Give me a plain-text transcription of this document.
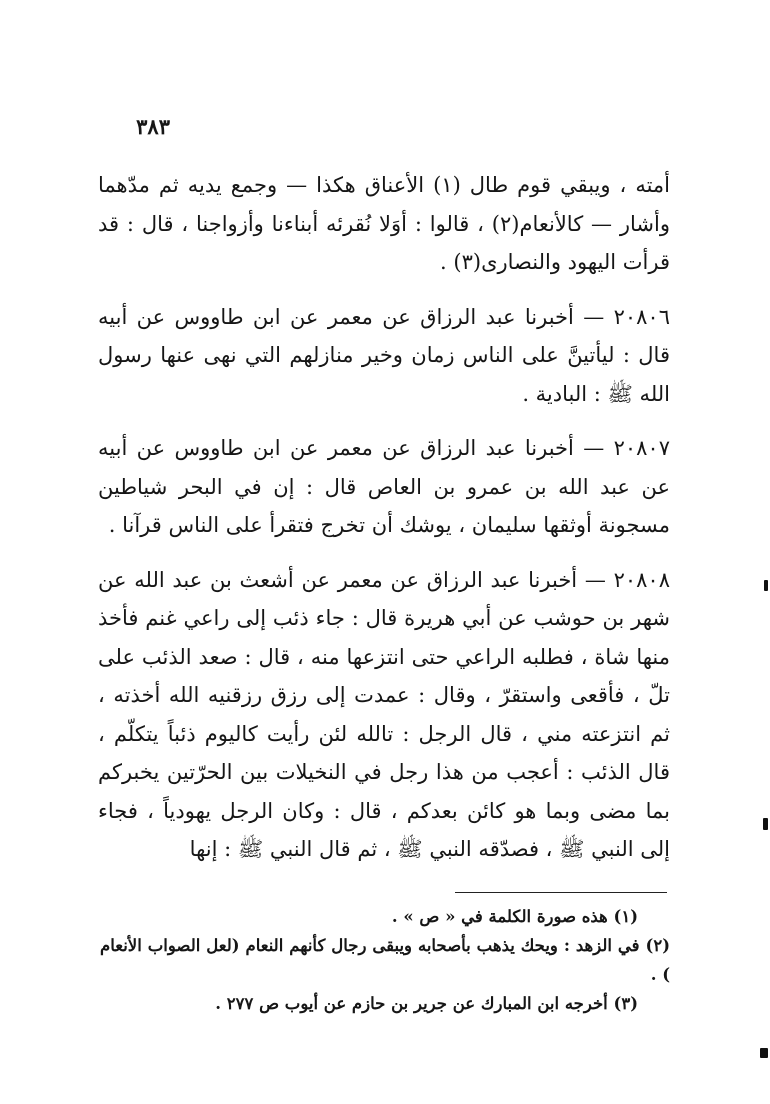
٣٨٣

أمته ، ويبقي قوم طال (١) الأعناق هكذا — وجمع يديه ثم مدّهما وأشار — كالأنعام(٢) ، قالوا : أوَلا نُقرئه أبناءنا وأزواجنا ، قال : قد قرأت اليهود والنصارى(٣) .

٢٠٨٠٦ — أخبرنا عبد الرزاق عن معمر عن ابن طاووس عن أبيه قال : ليأتينَّ على الناس زمان وخير منازلهم التي نهى عنها رسول الله ﷺ : البادية .

٢٠٨٠٧ — أخبرنا عبد الرزاق عن معمر عن ابن طاووس عن أبيه عن عبد الله بن عمرو بن العاص قال : إن في البحر شياطين مسجونة أوثقها سليمان ، يوشك أن تخرج فتقرأ على الناس قرآنا .

٢٠٨٠٨ — أخبرنا عبد الرزاق عن معمر عن أشعث بن عبد الله عن شهر بن حوشب عن أبي هريرة قال : جاء ذئب إلى راعي غنم فأخذ منها شاة ، فطلبه الراعي حتى انتزعها منه ، قال : صعد الذئب على تلّ ، فأقعى واستقرّ ، وقال : عمدت إلى رزق رزقنيه الله أخذته ، ثم انتزعته مني ، قال الرجل : تالله لئن رأيت كاليوم ذئباً يتكلّم ، قال الذئب : أعجب من هذا رجل في النخيلات بين الحرّتين يخبركم بما مضى وبما هو كائن بعدكم ، قال : وكان الرجل يهودياً ، فجاء إلى النبي ﷺ ، فصدّقه النبي ﷺ ، ثم قال النبي ﷺ : إنها

(١) هذه صورة الكلمة في « ص » .
(٢) في الزهد : ويحك يذهب بأصحابه ويبقى رجال كأنهم النعام (لعل الصواب الأنعام ) .
(٣) أخرجه ابن المبارك عن جرير بن حازم عن أيوب ص ٢٧٧ .
